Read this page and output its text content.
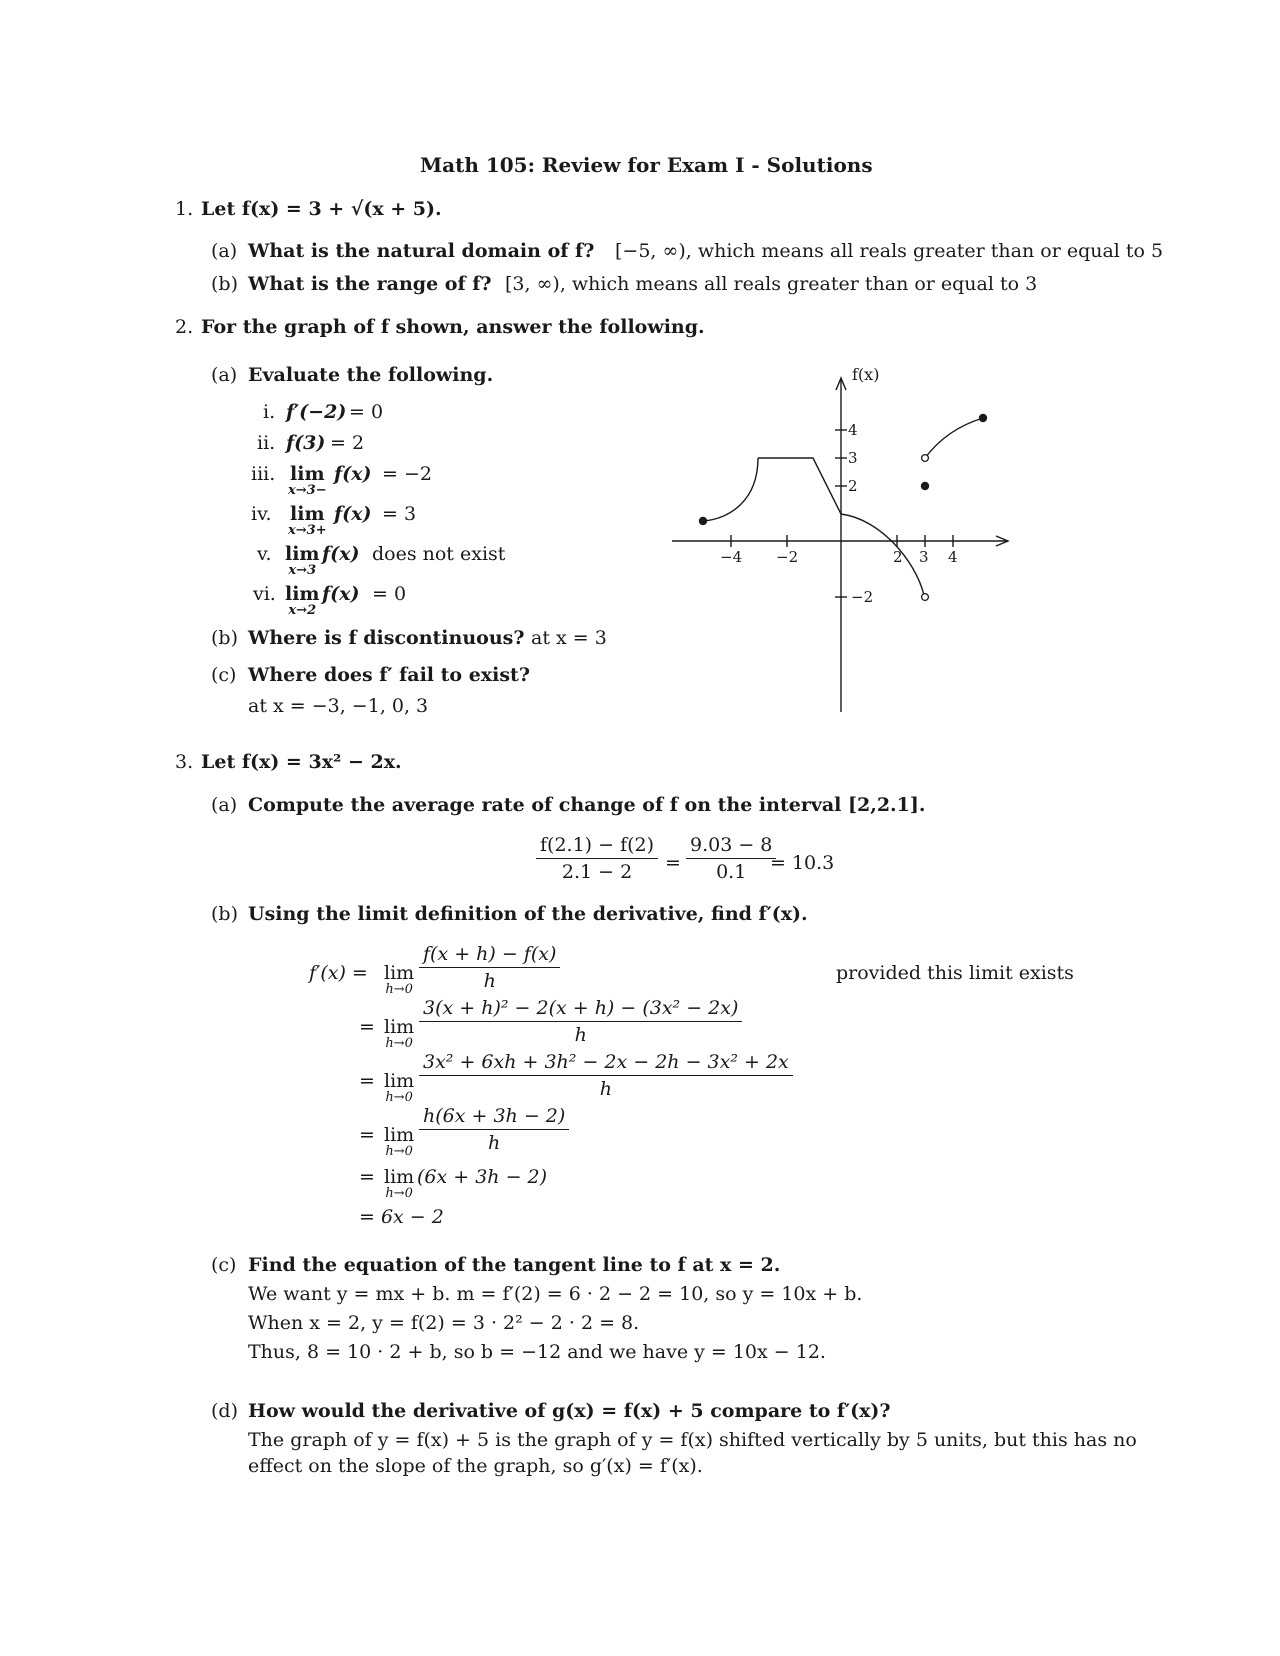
Math 105: Review for Exam I - Solutions
1. Let f(x) = 3 + √(x + 5).
(a) What is the natural domain of f? [−5, ∞), which means all reals greater than or equal to 5
(b) What is the range of f? [3, ∞), which means all reals greater than or equal to 3
2. For the graph of f shown, answer the following.
(a) Evaluate the following.
i. f′(−2) = 0
ii. f(3) = 2
iii. lim
x→3−
f(x) = −2
iv. lim
x→3+
f(x) = 3
v. lim
x→3
f(x) does not exist
vi. lim
x→2
f(x) = 0
(b) Where is f discontinuous? at x = 3
(c) Where does f′ fail to exist?
at x = −3, −1, 0, 3
f(x)
−4 −2	2 3 4
4
3
2
−2
3. Let f(x) = 3x² − 2x.
(a) Compute the average rate of change of f on the interval [2,2.1].
$\frac{f(2.1) - f(2)}{2.1 - 2} = \frac{9.03 - 8}{0.1}$
= 10.3
(b) Using the limit definition of the derivative, find f′(x).
f′(x) = lim
$h\to 0 \frac{f(x + h) - f(x)}{h}$	provided this limit exists
= lim
$h\to 0 \frac{\text{3(x + h)² − 2(x + h) − (3x² − 2x)}}{h}$
= lim
$h\to 0 \frac{\text{3x² + 6xh + 3h² − 2x − 2h − 3x² + 2x}}{h}$
= lim
$h\to 0 \frac{h(6x + 3h - 2)}{h}$
= lim
h→0
(6x + 3h − 2)
= 6x − 2
(c) Find the equation of the tangent line to f at x = 2.
We want y = mx + b. m = f′(2) = 6 · 2 − 2 = 10, so y = 10x + b.
When x = 2, y = f(2) = 3 · 2² − 2 · 2 = 8.
Thus, 8 = 10 · 2 + b, so b = −12 and we have y = 10x − 12.
(d) How would the derivative of g(x) = f(x) + 5 compare to f′(x)?
The graph of y = f(x) + 5 is the graph of y = f(x) shifted vertically by 5 units, but this has no
effect on the slope of the graph, so g′(x) = f′(x).
